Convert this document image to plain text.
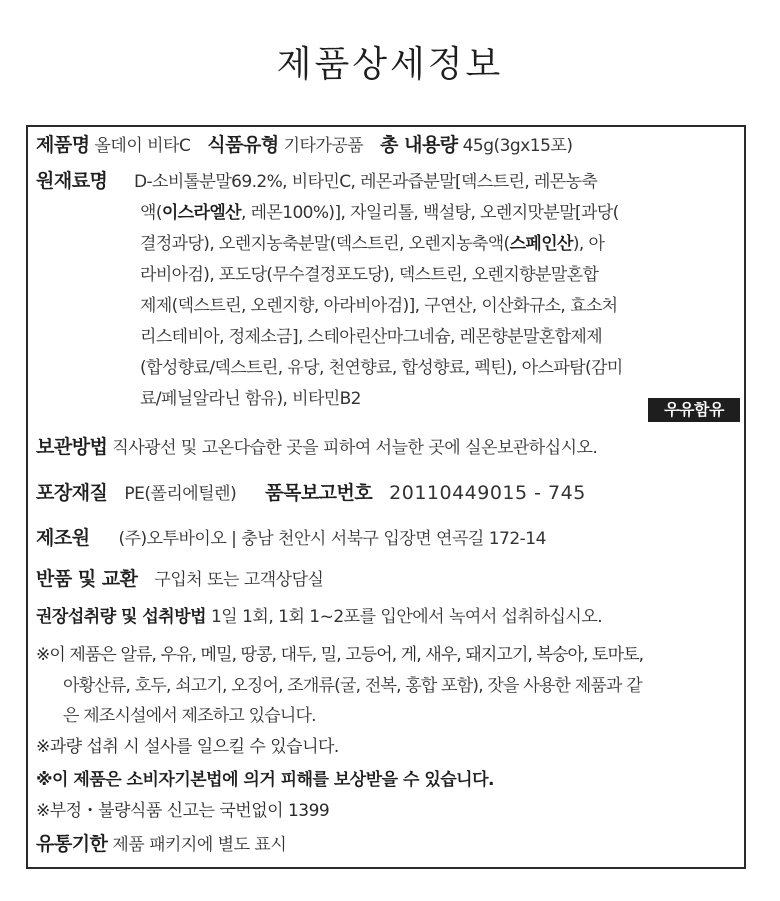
제품상세정보
제품명 올데이 비타C 식품유형 기타가공품 총 내용량 45g(3gx15포)
원재료명 D-소비톨분말69.2%, 비타민C, 레몬과즙분말[덱스트린, 레몬농축
액(이스라엘산, 레몬100%)], 자일리톨, 백설탕, 오렌지맛분말[과당(
결정과당), 오렌지농축분말(덱스트린, 오렌지농축액(스페인산), 아
라비아검), 포도당(무수결정포도당), 덱스트린, 오렌지향분말혼합
제제(덱스트린, 오렌지향, 아라비아검)], 구연산, 이산화규소, 효소처
리스테비아, 정제소금], 스테아린산마그네슘, 레몬향분말혼합제제
(합성향료/덱스트린, 유당, 천연향료, 합성향료, 펙틴), 아스파탐(감미
료/페닐알라닌 함유), 비타민B2
우유함유
보관방법 직사광선 및 고온다습한 곳을 피하여 서늘한 곳에 실온보관하십시오.
포장재질 PE(폴리에틸렌) 품목보고번호 20110449015 - 745
제조원 (주)오투바이오 | 충남 천안시 서북구 입장면 연곡길 172-14
반품 및 교환 구입처 또는 고객상담실
권장섭취량 및 섭취방법 1일 1회, 1회 1~2포를 입안에서 녹여서 섭취하십시오.
※이 제품은 알류, 우유, 메밀, 땅콩, 대두, 밀, 고등어, 게, 새우, 돼지고기, 복숭아, 토마토,
아황산류, 호두, 쇠고기, 오징어, 조개류(굴, 전복, 홍합 포함), 잣을 사용한 제품과 같
은 제조시설에서 제조하고 있습니다.
※과량 섭취 시 설사를 일으킬 수 있습니다.
※이 제품은 소비자기본법에 의거 피해를 보상받을 수 있습니다.
※부정・불량식품 신고는 국번없이 1399
유통기한 제품 패키지에 별도 표시
